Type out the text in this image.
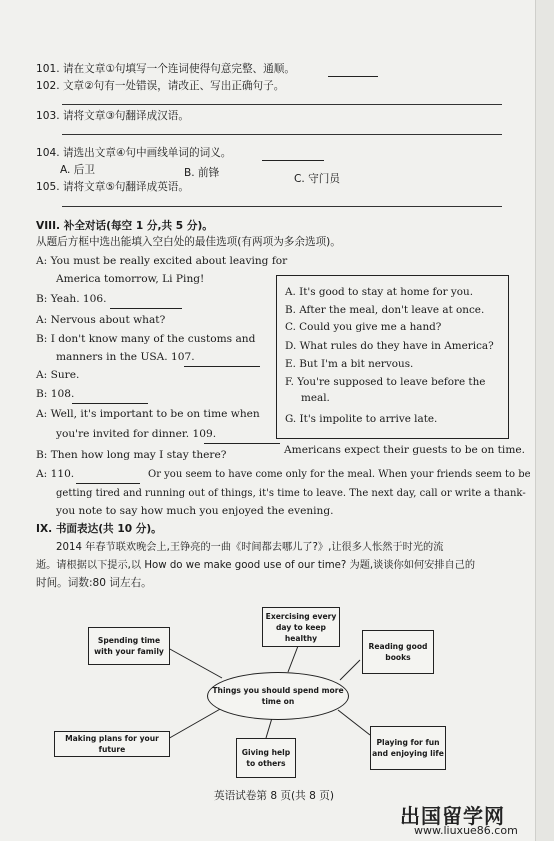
101. 请在文章①句填写一个连词使得句意完整、通顺。
102. 文章②句有一处错误，请改正、写出正确句子。
103. 请将文章③句翻译成汉语。
104. 请选出文章④句中画线单词的词义。
A. 后卫	B. 前锋	C. 守门员
105. 请将文章⑤句翻译成英语。
VIII. 补全对话(每空 1 分,共 5 分)。
从题后方框中选出能填入空白处的最佳选项(有两项为多余选项)。
A: You must be really excited about leaving for
America tomorrow, Li Ping!
B: Yeah. 106.
A: Nervous about what?
B: I don't know many of the customs and
manners in the USA. 107.
A: Sure.
B: 108.
A: Well, it's important to be on time when
you're invited for dinner. 109.
Americans expect their guests to be on time.
B: Then how long may I stay there?
A: 110.	Or you seem to have come only for the meal. When your friends seem to be
getting tired and running out of things, it's time to leave. The next day, call or write a thank-
you note to say how much you enjoyed the evening.
A. It's good to stay at home for you.
B. After the meal, don't leave at once.
C. Could you give me a hand?
D. What rules do they have in America?
E. But I'm a bit nervous.
F. You're supposed to leave before the
meal.
G. It's impolite to arrive late.
IX. 书面表达(共 10 分)。
2014 年春节联欢晚会上,王铮亮的一曲《时间都去哪儿了?》,让很多人怅然于时光的流
逝。请根据以下提示,以 How do we make good use of our time? 为题,谈谈你如何安排自己的
时间。词数:80 词左右。
Things you should spend more time on
Spending time with your family
Exercising every day to keep healthy
Reading good books
Making plans for your future	Giving help to others
Playing for fun and enjoying life
英语试卷第 8 页(共 8 页)
出国留学网
www.liuxue86.com
